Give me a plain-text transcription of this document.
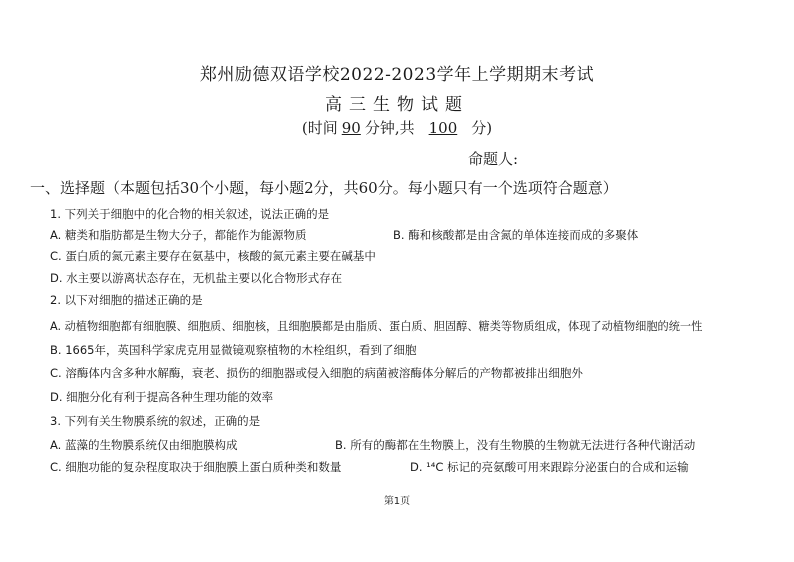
郑州励德双语学校2022-2023学年上学期期末考试
高三生物试题
(时间 90 分钟,共 100 分)
命题人:
一、选择题（本题包括30个小题，每小题2分，共60分。每小题只有一个选项符合题意）
1. 下列关于细胞中的化合物的相关叙述，说法正确的是
A. 糖类和脂肪都是生物大分子，都能作为能源物质	B. 酶和核酸都是由含氮的单体连接而成的多聚体
C. 蛋白质的氮元素主要存在氨基中，核酸的氮元素主要在碱基中
D. 水主要以游离状态存在，无机盐主要以化合物形式存在
2. 以下对细胞的描述正确的是
A. 动植物细胞都有细胞膜、细胞质、细胞核，且细胞膜都是由脂质、蛋白质、胆固醇、糖类等物质组成，体现了动植物细胞的统一性
B. 1665年，英国科学家虎克用显微镜观察植物的木栓组织，看到了细胞
C. 溶酶体内含多种水解酶，衰老、损伤的细胞器或侵入细胞的病菌被溶酶体分解后的产物都被排出细胞外
D. 细胞分化有利于提高各种生理功能的效率
3. 下列有关生物膜系统的叙述，正确的是
A. 蓝藻的生物膜系统仅由细胞膜构成	B. 所有的酶都在生物膜上，没有生物膜的生物就无法进行各种代谢活动
C. 细胞功能的复杂程度取决于细胞膜上蛋白质种类和数量	D. ¹⁴C 标记的亮氨酸可用来跟踪分泌蛋白的合成和运输
第1页
